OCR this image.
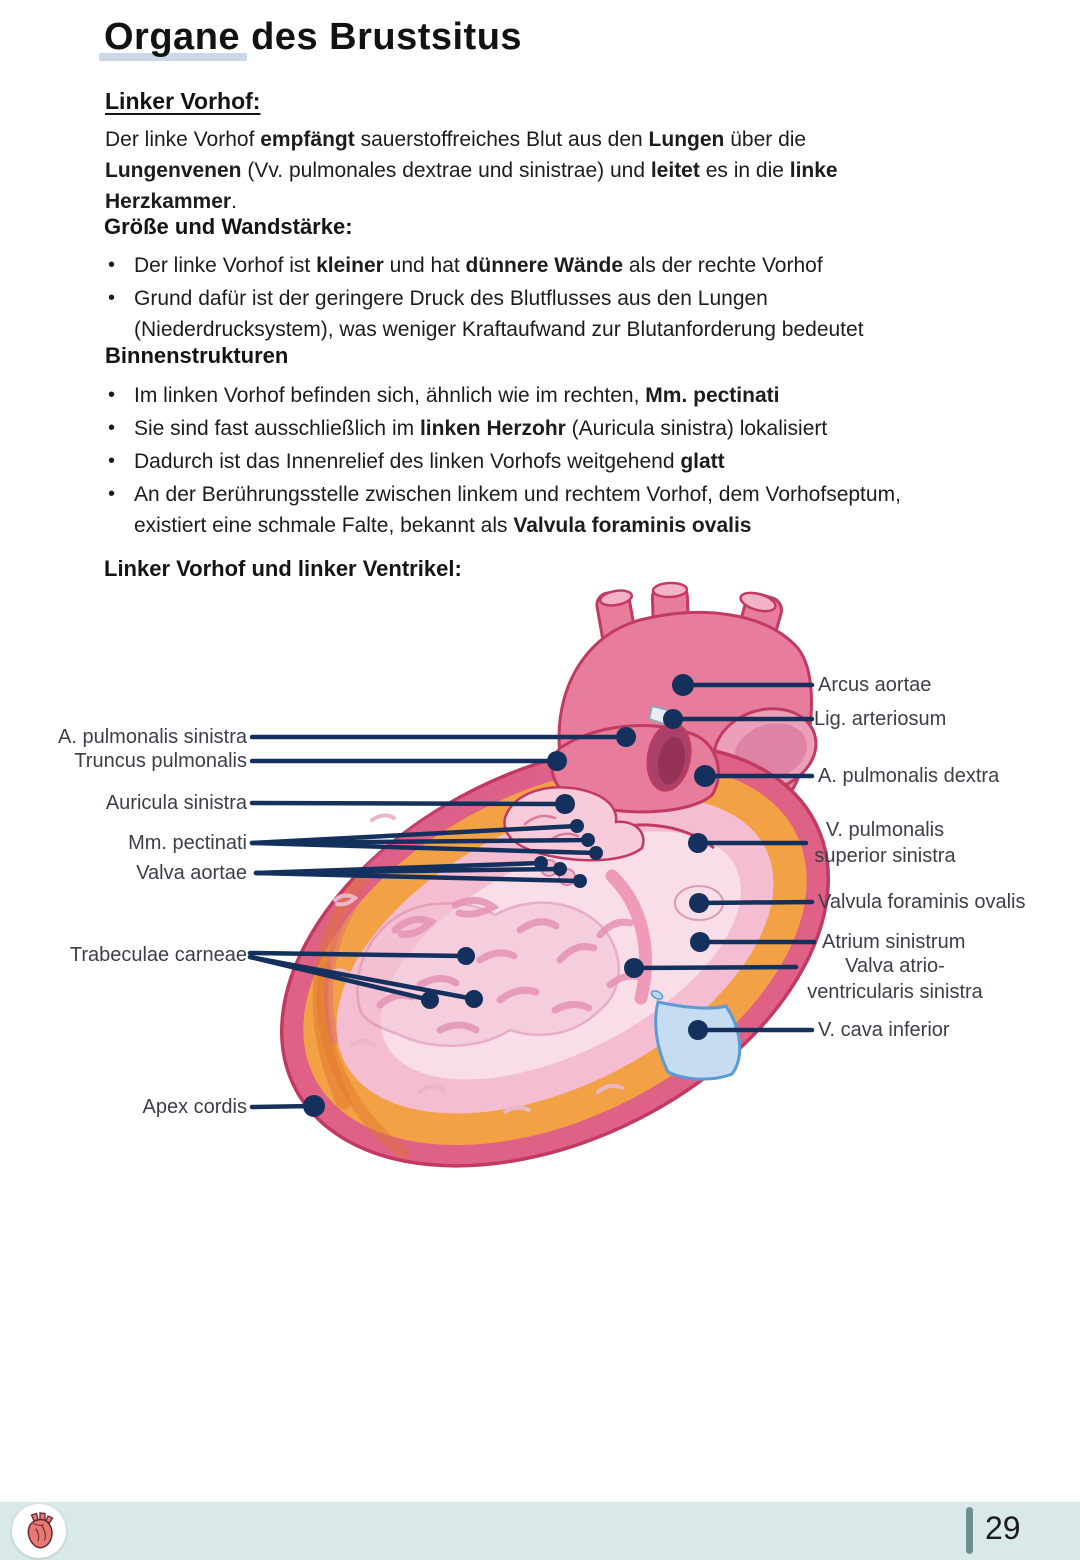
Organe des Brustsitus
Linker Vorhof:
Der linke Vorhof empfängt sauerstoffreiches Blut aus den Lungen über die Lungenvenen (Vv. pulmonales dextrae und sinistrae) und leitet es in die linke Herzkammer.
Größe und Wandstärke:
• Der linke Vorhof ist kleiner und hat dünnere Wände als der rechte Vorhof
• Grund dafür ist der geringere Druck des Blutflusses aus den Lungen (Niederdrucksystem), was weniger Kraftaufwand zur Blutanforderung bedeutet
Binnenstrukturen
• Im linken Vorhof befinden sich, ähnlich wie im rechten, Mm. pectinati
• Sie sind fast ausschließlich im linken Herzohr (Auricula sinistra) lokalisiert
• Dadurch ist das Innenrelief des linken Vorhofs weitgehend glatt
• An der Berührungsstelle zwischen linkem und rechtem Vorhof, dem Vorhofseptum, existiert eine schmale Falte, bekannt als Valvula foraminis ovalis
Linker Vorhof und linker Ventrikel:
A. pulmonalis sinistra
Truncus pulmonalis
Auricula sinistra
Mm. pectinati
Valva aortae
Trabeculae carneae
Apex cordis
Arcus aortae
Lig. arteriosum
A. pulmonalis dextra
V. pulmonalis
superior sinistra
Valvula foraminis ovalis
Atrium sinistrum
Valva atrio-
ventricularis sinistra
V. cava inferior
29
